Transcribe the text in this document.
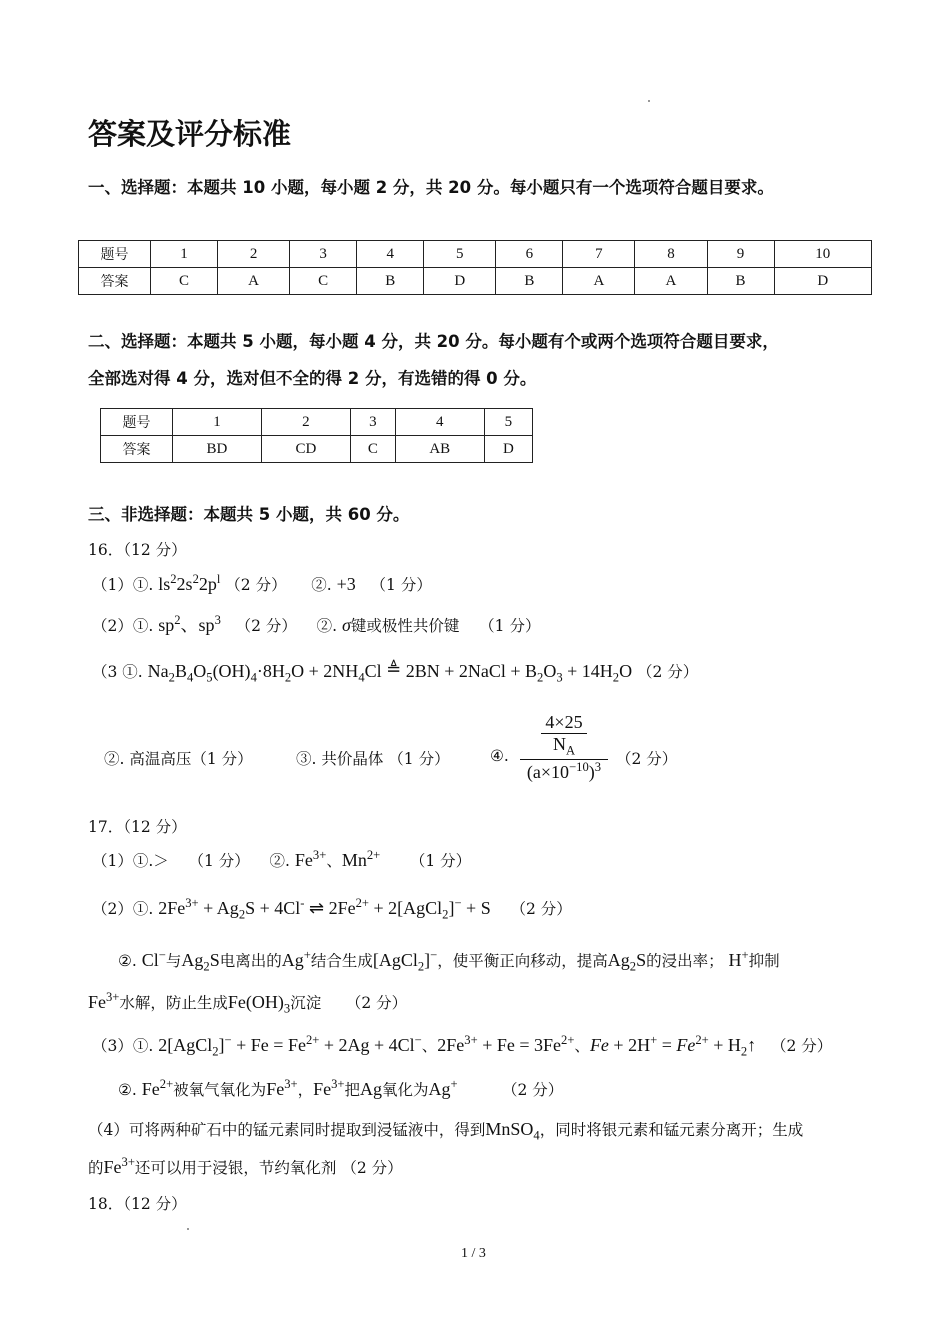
答案及评分标准
一、选择题：本题共 10 小题，每小题 2 分，共 20 分。每小题只有一个选项符合题目要求。
题号	1	2	3	4	5	6	7	8	9	10
答案	C	A	C	B	D	B	A	A	B	D
二、选择题：本题共 5 小题，每小题 4 分，共 20 分。每小题有个或两个选项符合题目要求，
全部选对得 4 分，选对但不全的得 2 分，有选错的得 0 分。
题号	1	2	3	4	5
答案	BD	CD	C	AB	D
三、非选择题：本题共 5 小题，共 60 分。
16．（12 分）
（1）①. $ls^22s^22p^l$ （2 分） ②. +3 （1 分）
（2）①. $sp^2$、$sp^3$ （2 分） ②. σ键或极性共价键 （1 分）
（3 ①. $Na_2B_4O_5(OH)_4\cdot 8H_2O + 2NH_4Cl$ ≜ 2BN + 2NaCl + $B_2O_3 + 14H_2O$ （2 分）
②. 高温高压（1 分）	③. 共价晶体 （1 分）	④.
4×25
$N_A$
$(a\times 10^{-10})^3$ （2 分）
17．（12 分）
（1）①.＞ （1 分） ②. $Fe^{3+}$、$Mn^{2+}$ （1 分）
（2）①. $2Fe^{3+} + Ag_2S + 4Cl^-$ ⇌ $2Fe^{2+}$ + 2[AgCl$_2$]− + S （2 分）
②. Cl−与$Ag_2S$电离出的Ag+结合生成[AgCl$_2$]−，使平衡正向移动，提高$Ag_2S$的浸出率； H+抑制
$Fe^{3+}$水解，防止生成$Fe(OH)_3$沉淀 （2 分）
（3）①. 2[AgCl$_2$]− + $Fe = Fe^{2+} + 2Ag + 4Cl^-$、$2Fe^{3+} + Fe = 3Fe^{2+}$、$Fe + 2H^+ = Fe^{2+}$ + $H_2↑$ （2 分）
②. $Fe^{2+}$被氧气氧化为$Fe^{3+}$，$Fe^{3+}$把Ag氧化为Ag+	（2 分）
（4）可将两种矿石中的锰元素同时提取到浸锰液中，得到MnSO$_4$，同时将银元素和锰元素分离开；生成
的$Fe^{3+}$还可以用于浸银，节约氧化剂 （2 分）
18．（12 分）
1 / 3
